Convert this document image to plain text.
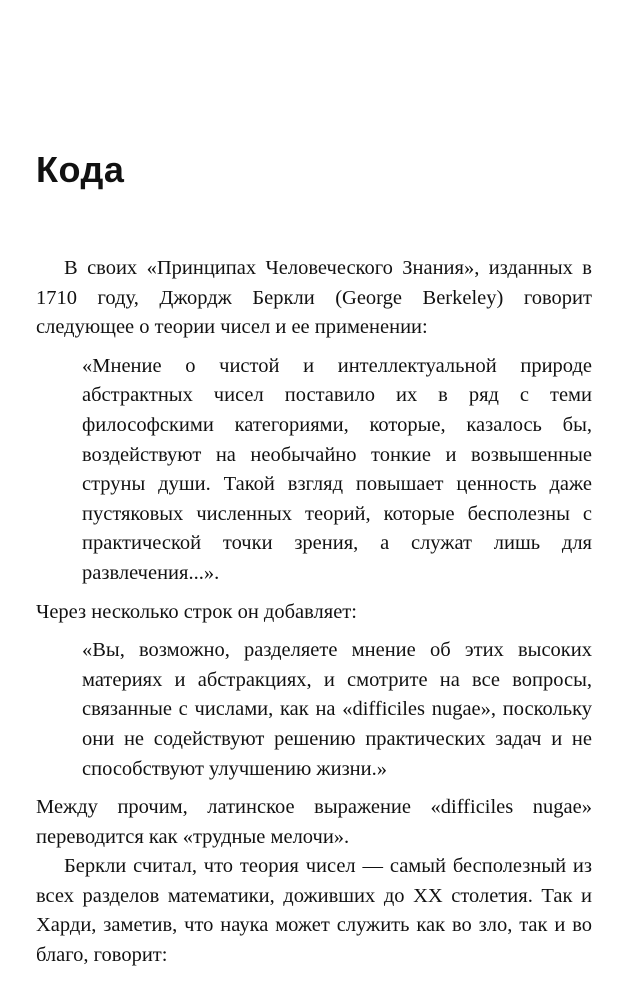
Кода

В своих «Принципах Человеческого Знания», изданных в 1710 году, Джордж Беркли (George Berkeley) говорит следующее о теории чисел и ее применении:

«Мнение о чистой и интеллектуальной природе абстрактных чисел поставило их в ряд с теми философскими категориями, которые, казалось бы, воздействуют на необычайно тонкие и возвышенные струны души. Такой взгляд повышает ценность даже пустяковых численных теорий, которые бесполезны с практической точки зрения, а служат лишь для развлечения...».

Через несколько строк он добавляет:

«Вы, возможно, разделяете мнение об этих высоких материях и абстракциях, и смотрите на все вопросы, связанные с числами, как на «difficiles nugae», поскольку они не содействуют решению практических задач и не способствуют улучшению жизни.»

Между прочим, латинское выражение «difficiles nugae» переводится как «трудные мелочи».

Беркли считал, что теория чисел — самый бесполезный из всех разделов математики, доживших до XX столетия. Так и Харди, заметив, что наука может служить как во зло, так и во благо, говорит:
